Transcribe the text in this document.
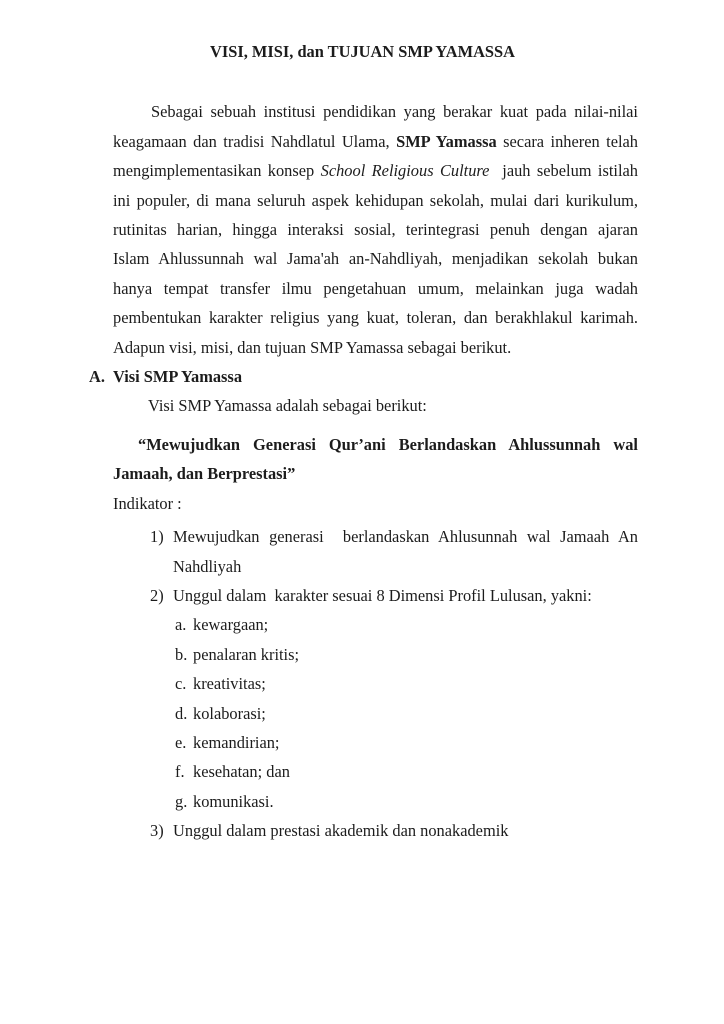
VISI, MISI, dan TUJUAN SMP YAMASSA
Sebagai sebuah institusi pendidikan yang berakar kuat pada nilai-nilai
keagamaan dan tradisi Nahdlatul Ulama, SMP Yamassa secara inheren telah
mengimplementasikan konsep School Religious Culture  jauh sebelum istilah
ini populer, di mana seluruh aspek kehidupan sekolah, mulai dari kurikulum,
rutinitas harian, hingga interaksi sosial, terintegrasi penuh dengan ajaran
Islam Ahlussunnah wal Jama'ah an-Nahdliyah, menjadikan sekolah bukan
hanya tempat transfer ilmu pengetahuan umum, melainkan juga wadah
pembentukan karakter religius yang kuat, toleran, dan berakhlakul karimah.
Adapun visi, misi, dan tujuan SMP Yamassa sebagai berikut.
A. Visi SMP Yamassa
Visi SMP Yamassa adalah sebagai berikut:
“Mewujudkan Generasi Qur’ani Berlandaskan Ahlussunnah wal
Jamaah, dan Berprestasi”
Indikator :
1) Mewujudkan generasi  berlandaskan Ahlusunnah wal Jamaah An
Nahdliyah
2) Unggul dalam  karakter sesuai 8 Dimensi Profil Lulusan, yakni:
a. kewargaan;
b. penalaran kritis;
c. kreativitas;
d. kolaborasi;
e. kemandirian;
f. kesehatan; dan
g. komunikasi.
3) Unggul dalam prestasi akademik dan nonakademik
